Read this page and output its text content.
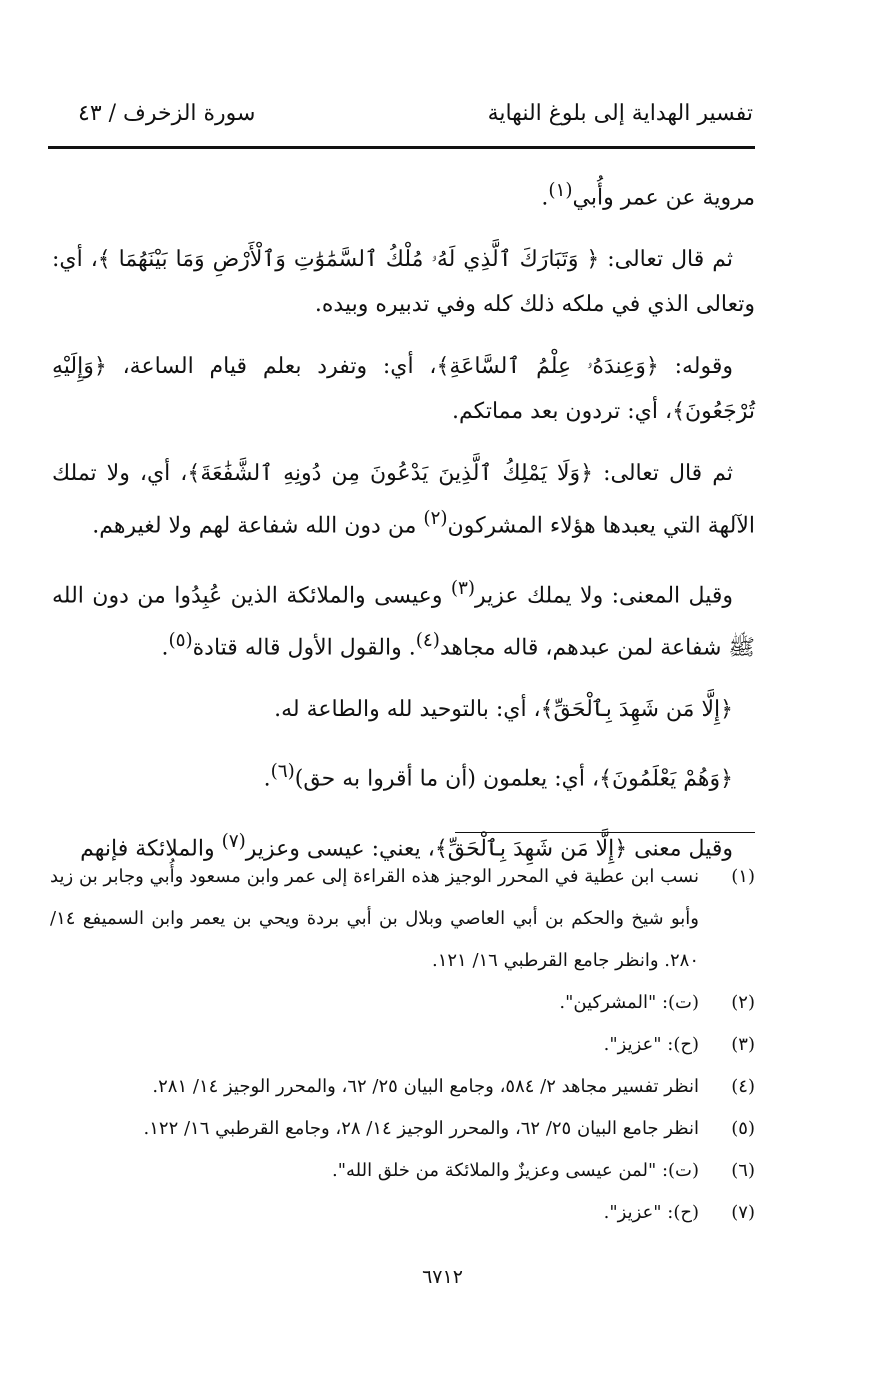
تفسير الهداية إلى بلوغ النهاية
سورة الزخرف / ٤٣

مروية عن عمر وأُبي$^{(١)}$.

ثم قال تعالى: ﴿ وَتَبَارَكَ ٱلَّذِي لَهُۥ مُلْكُ ٱلسَّمَٰوَٰتِ وَٱلْأَرْضِ وَمَا بَيْنَهُمَا ﴾، أي: وتعالى الذي في ملكه ذلك كله وفي تدبيره وبيده.

وقوله: ﴿وَعِندَهُۥ عِلْمُ ٱلسَّاعَةِ﴾، أي: وتفرد بعلم قيام الساعة، ﴿وَإِلَيْهِ تُرْجَعُونَ﴾، أي: تردون بعد مماتكم.

ثم قال تعالى: ﴿وَلَا يَمْلِكُ ٱلَّذِينَ يَدْعُونَ مِن دُونِهِ ٱلشَّفَٰعَةَ﴾، أي، ولا تملك الآلهة التي يعبدها هؤلاء المشركون$^{(٢)}$ من دون الله شفاعة لهم ولا لغيرهم.

وقيل المعنى: ولا يملك عزير$^{(٣)}$ وعيسى والملائكة الذين عُبِدُوا من دون الله ﷺ شفاعة لمن عبدهم، قاله مجاهد$^{(٤)}$. والقول الأول قاله قتادة$^{(٥)}$.

﴿إِلَّا مَن شَهِدَ بِٱلْحَقِّ﴾، أي: بالتوحيد لله والطاعة له.

﴿وَهُمْ يَعْلَمُونَ﴾، أي: يعلمون (أن ما أقروا به حق)$^{(٦)}$.

وقيل معنى ﴿إِلَّا مَن شَهِدَ بِٱلْحَقِّ﴾، يعني: عيسى وعزير$^{(٧)}$ والملائكة فإنهم

(١)
نسب ابن عطية في المحرر الوجيز هذه القراءة إلى عمر وابن مسعود وأُبي وجابر بن زيد وأبو شيخ والحكم بن أبي العاصي وبلال بن أبي بردة ويحي بن يعمر وابن السميفع ١٤/ ٢٨٠. وانظر جامع القرطبي ١٦/ ١٢١.
(٢)
(ت): "المشركين".
(٣)
(ح): "عزيز".
(٤)
انظر تفسير مجاهد ٢/ ٥٨٤، وجامع البيان ٢٥/ ٦٢، والمحرر الوجيز ١٤/ ٢٨١.
(٥)
انظر جامع البيان ٢٥/ ٦٢، والمحرر الوجيز ١٤/ ٢٨، وجامع القرطبي ١٦/ ١٢٢.
(٦)
(ت): "لمن عيسى وعزيزٌ والملائكة من خلق الله".
(٧)
(ح): "عزيز".
٦٧١٢
